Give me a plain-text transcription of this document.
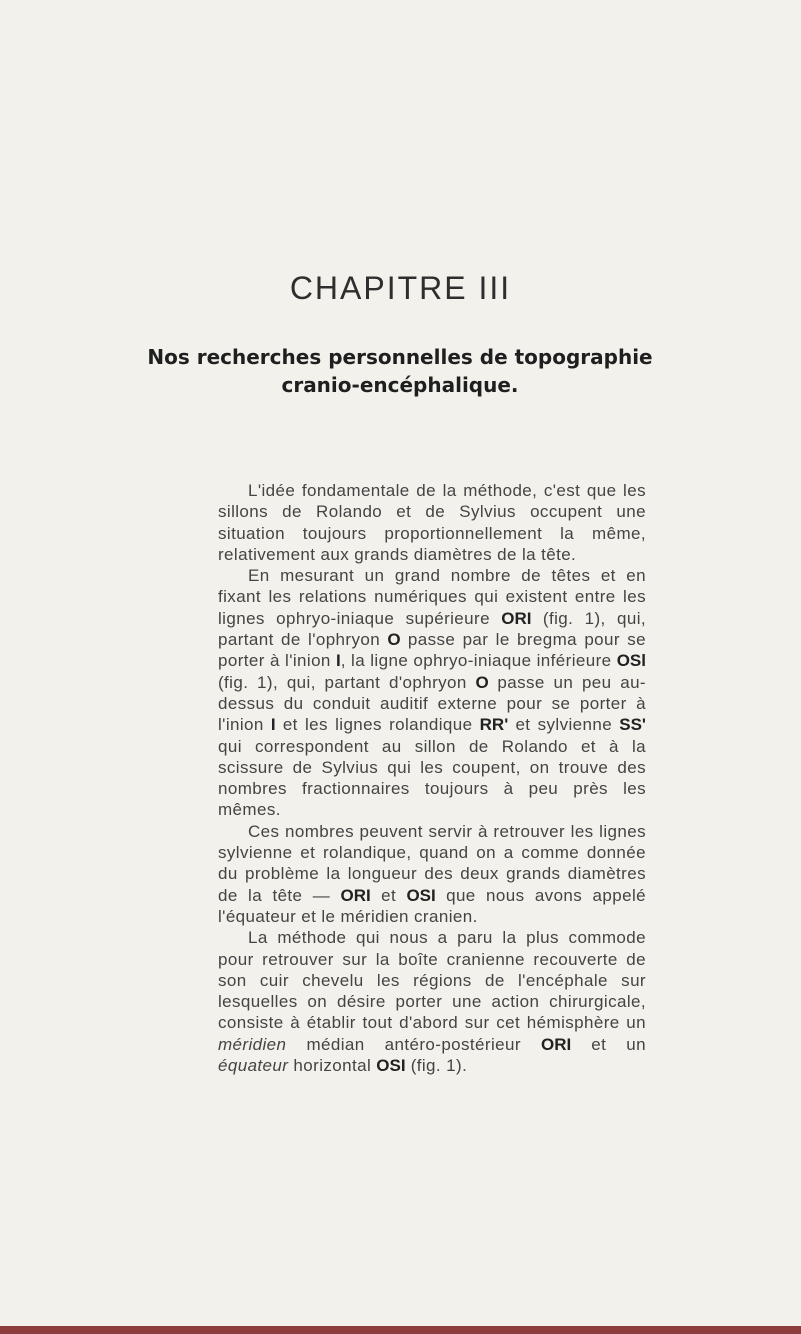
CHAPITRE III
Nos recherches personnelles de topographie cranio-encéphalique.

L'idée fondamentale de la méthode, c'est que les sillons de Rolando et de Sylvius occupent une situation toujours proportionnellement la même, relativement aux grands diamètres de la tête.

En mesurant un grand nombre de têtes et en fixant les relations numériques qui existent entre les lignes ophryo-iniaque supérieure ORI (fig. 1), qui, partant de l'ophryon O passe par le bregma pour se porter à l'inion I, la ligne ophryo-iniaque inférieure OSl (fig. 1), qui, partant d'ophryon O passe un peu au-dessus du conduit auditif externe pour se porter à l'inion I et les lignes rolandique RR' et sylvienne SS' qui correspondent au sillon de Rolando et à la scissure de Sylvius qui les coupent, on trouve des nombres fractionnaires toujours à peu près les mêmes.

Ces nombres peuvent servir à retrouver les lignes sylvienne et rolandique, quand on a comme donnée du problème la longueur des deux grands diamètres de la tête — ORI et OSI que nous avons appelé l'équateur et le méridien cranien.

La méthode qui nous a paru la plus commode pour retrouver sur la boîte cranienne recouverte de son cuir chevelu les régions de l'encéphale sur lesquelles on désire porter une action chirurgicale, consiste à établir tout d'abord sur cet hémisphère un méridien médian antéro-postérieur ORI et un équateur horizontal OSI (fig. 1).
